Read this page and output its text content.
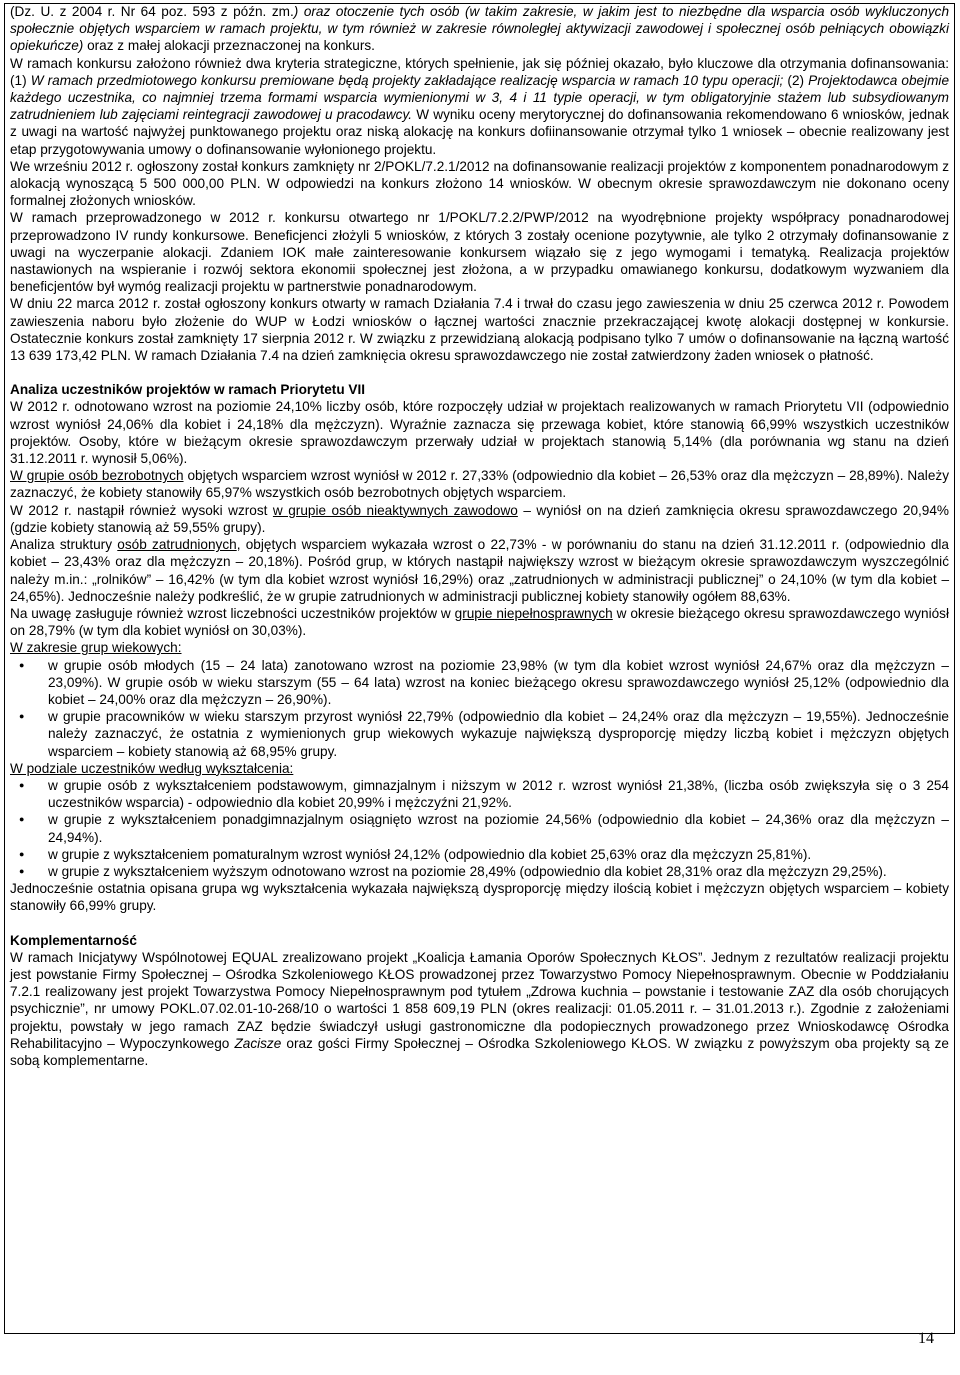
(Dz. U. z 2004 r. Nr 64 poz. 593 z późn. zm.) oraz otoczenie tych osób (w takim zakresie, w jakim jest to niezbędne dla wsparcia osób wykluczonych społecznie objętych wsparciem w ramach projektu, w tym również w zakresie równoległej aktywizacji zawodowej i społecznej osób pełniących obowiązki opiekuńcze) oraz z małej alokacji przeznaczonej na konkurs.

W ramach konkursu założono również dwa kryteria strategiczne, których spełnienie, jak się później okazało, było kluczowe dla otrzymania dofinansowania: (1) W ramach przedmiotowego konkursu premiowane będą projekty zakładające realizację wsparcia w ramach 10 typu operacji; (2) Projektodawca obejmie każdego uczestnika, co najmniej trzema formami wsparcia wymienionymi w 3, 4 i 11 typie operacji, w tym obligatoryjnie stażem lub subsydiowanym zatrudnieniem lub zajęciami reintegracji zawodowej u pracodawcy. W wyniku oceny merytorycznej do dofinansowania rekomendowano 6 wniosków, jednak z uwagi na wartość najwyżej punktowanego projektu oraz niską alokację na konkurs dofiinansowanie otrzymał tylko 1 wniosek – obecnie realizowany jest etap przygotowywania umowy o dofinansowanie wyłonionego projektu.

We wrześniu 2012 r. ogłoszony został konkurs zamknięty nr 2/POKL/7.2.1/2012 na dofinansowanie realizacji projektów z komponentem ponadnarodowym z alokacją wynoszącą 5 500 000,00 PLN. W odpowiedzi na konkurs złożono 14 wniosków. W obecnym okresie sprawozdawczym nie dokonano oceny formalnej złożonych wniosków.

W ramach przeprowadzonego w 2012 r. konkursu otwartego nr 1/POKL/7.2.2/PWP/2012 na wyodrębnione projekty współpracy ponadnarodowej przeprowadzono IV rundy konkursowe. Beneficjenci złożyli 5 wniosków, z których 3 zostały ocenione pozytywnie, ale tylko 2 otrzymały dofinansowanie z uwagi na wyczerpanie alokacji. Zdaniem IOK małe zainteresowanie konkursem wiązało się z jego wymogami i tematyką. Realizacja projektów nastawionych na wspieranie i rozwój sektora ekonomii społecznej jest złożona, a w przypadku omawianego konkursu, dodatkowym wyzwaniem dla beneficjentów był wymóg realizacji projektu w partnerstwie ponadnarodowym.

W dniu 22 marca 2012 r. został ogłoszony konkurs otwarty w ramach Działania 7.4 i trwał do czasu jego zawieszenia w dniu 25 czerwca 2012 r. Powodem zawieszenia naboru było złożenie do WUP w Łodzi wniosków o łącznej wartości znacznie przekraczającej kwotę alokacji dostępnej w konkursie. Ostatecznie konkurs został zamknięty 17 sierpnia 2012 r. W związku z przewidzianą alokacją podpisano tylko 7 umów o dofinansowanie na łączną wartość 13 639 173,42 PLN. W ramach Działania 7.4 na dzień zamknięcia okresu sprawozdawczego nie został zatwierdzony żaden wniosek o płatność.

Analiza uczestników projektów w ramach Priorytetu VII

W 2012 r. odnotowano wzrost na poziomie 24,10% liczby osób, które rozpoczęły udział w projektach realizowanych w ramach Priorytetu VII (odpowiednio wzrost wyniósł 24,06% dla kobiet i 24,18% dla mężczyzn). Wyraźnie zaznacza się przewaga kobiet, które stanowią 66,99% wszystkich uczestników projektów. Osoby, które w bieżącym okresie sprawozdawczym przerwały udział w projektach stanowią 5,14% (dla porównania wg stanu na dzień 31.12.2011 r. wynosił 5,06%).

W grupie osób bezrobotnych objętych wsparciem wzrost wyniósł w 2012 r. 27,33% (odpowiednio dla kobiet – 26,53% oraz dla mężczyzn – 28,89%). Należy zaznaczyć, że kobiety stanowiły 65,97% wszystkich osób bezrobotnych objętych wsparciem.

W 2012 r. nastąpił również wysoki wzrost w grupie osób nieaktywnych zawodowo – wyniósł on na dzień zamknięcia okresu sprawozdawczego 20,94% (gdzie kobiety stanowią aż 59,55% grupy).

Analiza struktury osób zatrudnionych, objętych wsparciem wykazała wzrost o 22,73% - w porównaniu do stanu na dzień 31.12.2011 r. (odpowiednio dla kobiet – 23,43% oraz dla mężczyzn – 20,18%). Pośród grup, w których nastąpił największy wzrost w bieżącym okresie sprawozdawczym wyszczególnić należy m.in.: „rolników” – 16,42% (w tym dla kobiet wzrost wyniósł 16,29%) oraz „zatrudnionych w administracji publicznej” o 24,10% (w tym dla kobiet – 24,65%). Jednocześnie należy podkreślić, że w grupie zatrudnionych w administracji publicznej kobiety stanowiły ogółem 88,63%.

Na uwagę zasługuje również wzrost liczebności uczestników projektów w grupie niepełnosprawnych w okresie bieżącego okresu sprawozdawczego wyniósł on 28,79% (w tym dla kobiet wyniósł on 30,03%).

W zakresie grup wiekowych:

● w grupie osób młodych (15 – 24 lata) zanotowano wzrost na poziomie 23,98% (w tym dla kobiet wzrost wyniósł 24,67% oraz dla mężczyzn – 23,09%). W grupie osób w wieku starszym (55 – 64 lata) wzrost na koniec bieżącego okresu sprawozdawczego wyniósł 25,12% (odpowiednio dla kobiet – 24,00% oraz dla mężczyzn – 26,90%).
● w grupie pracowników w wieku starszym przyrost wyniósł 22,79% (odpowiednio dla kobiet – 24,24% oraz dla mężczyzn – 19,55%). Jednocześnie należy zaznaczyć, że ostatnia z wymienionych grup wiekowych wykazuje największą dysproporcję między liczbą kobiet i mężczyzn objętych wsparciem – kobiety stanowią aż 68,95% grupy.

W podziale uczestników według wykształcenia:

● w grupie osób z wykształceniem podstawowym, gimnazjalnym i niższym w 2012 r. wzrost wyniósł 21,38%, (liczba osób zwiększyła się o 3 254 uczestników wsparcia) - odpowiednio dla kobiet 20,99% i mężczyźni 21,92%.
● w grupie z wykształceniem ponadgimnazjalnym osiągnięto wzrost na poziomie 24,56% (odpowiednio dla kobiet – 24,36% oraz dla mężczyzn – 24,94%).
● w grupie z wykształceniem pomaturalnym wzrost wyniósł 24,12% (odpowiednio dla kobiet 25,63% oraz dla mężczyzn 25,81%).
● w grupie z wykształceniem wyższym odnotowano wzrost na poziomie 28,49% (odpowiednio dla kobiet 28,31% oraz dla mężczyzn 29,25%).

Jednocześnie ostatnia opisana grupa wg wykształcenia wykazała największą dysproporcję między ilością kobiet i mężczyzn objętych wsparciem – kobiety stanowiły 66,99% grupy.

Komplementarność

W ramach Inicjatywy Wspólnotowej EQUAL zrealizowano projekt „Koalicja Łamania Oporów Społecznych KŁOS”. Jednym z rezultatów realizacji projektu jest powstanie Firmy Społecznej – Ośrodka Szkoleniowego KŁOS prowadzonej przez Towarzystwo Pomocy Niepełnosprawnym. Obecnie w Poddziałaniu 7.2.1 realizowany jest projekt Towarzystwa Pomocy Niepełnosprawnym pod tytułem „Zdrowa kuchnia – powstanie i testowanie ZAZ dla osób chorujących psychicznie”, nr umowy POKL.07.02.01-10-268/10 o wartości 1 858 609,19 PLN (okres realizacji: 01.05.2011 r. – 31.01.2013 r.). Zgodnie z założeniami projektu, powstały w jego ramach ZAZ będzie świadczył usługi gastronomiczne dla podopiecznych prowadzonego przez Wnioskodawcę Ośrodka Rehabilitacyjno – Wypoczynkowego Zacisze oraz gości Firmy Społecznej – Ośrodka Szkoleniowego KŁOS. W związku z powyższym oba projekty są ze sobą komplementarne.

14
